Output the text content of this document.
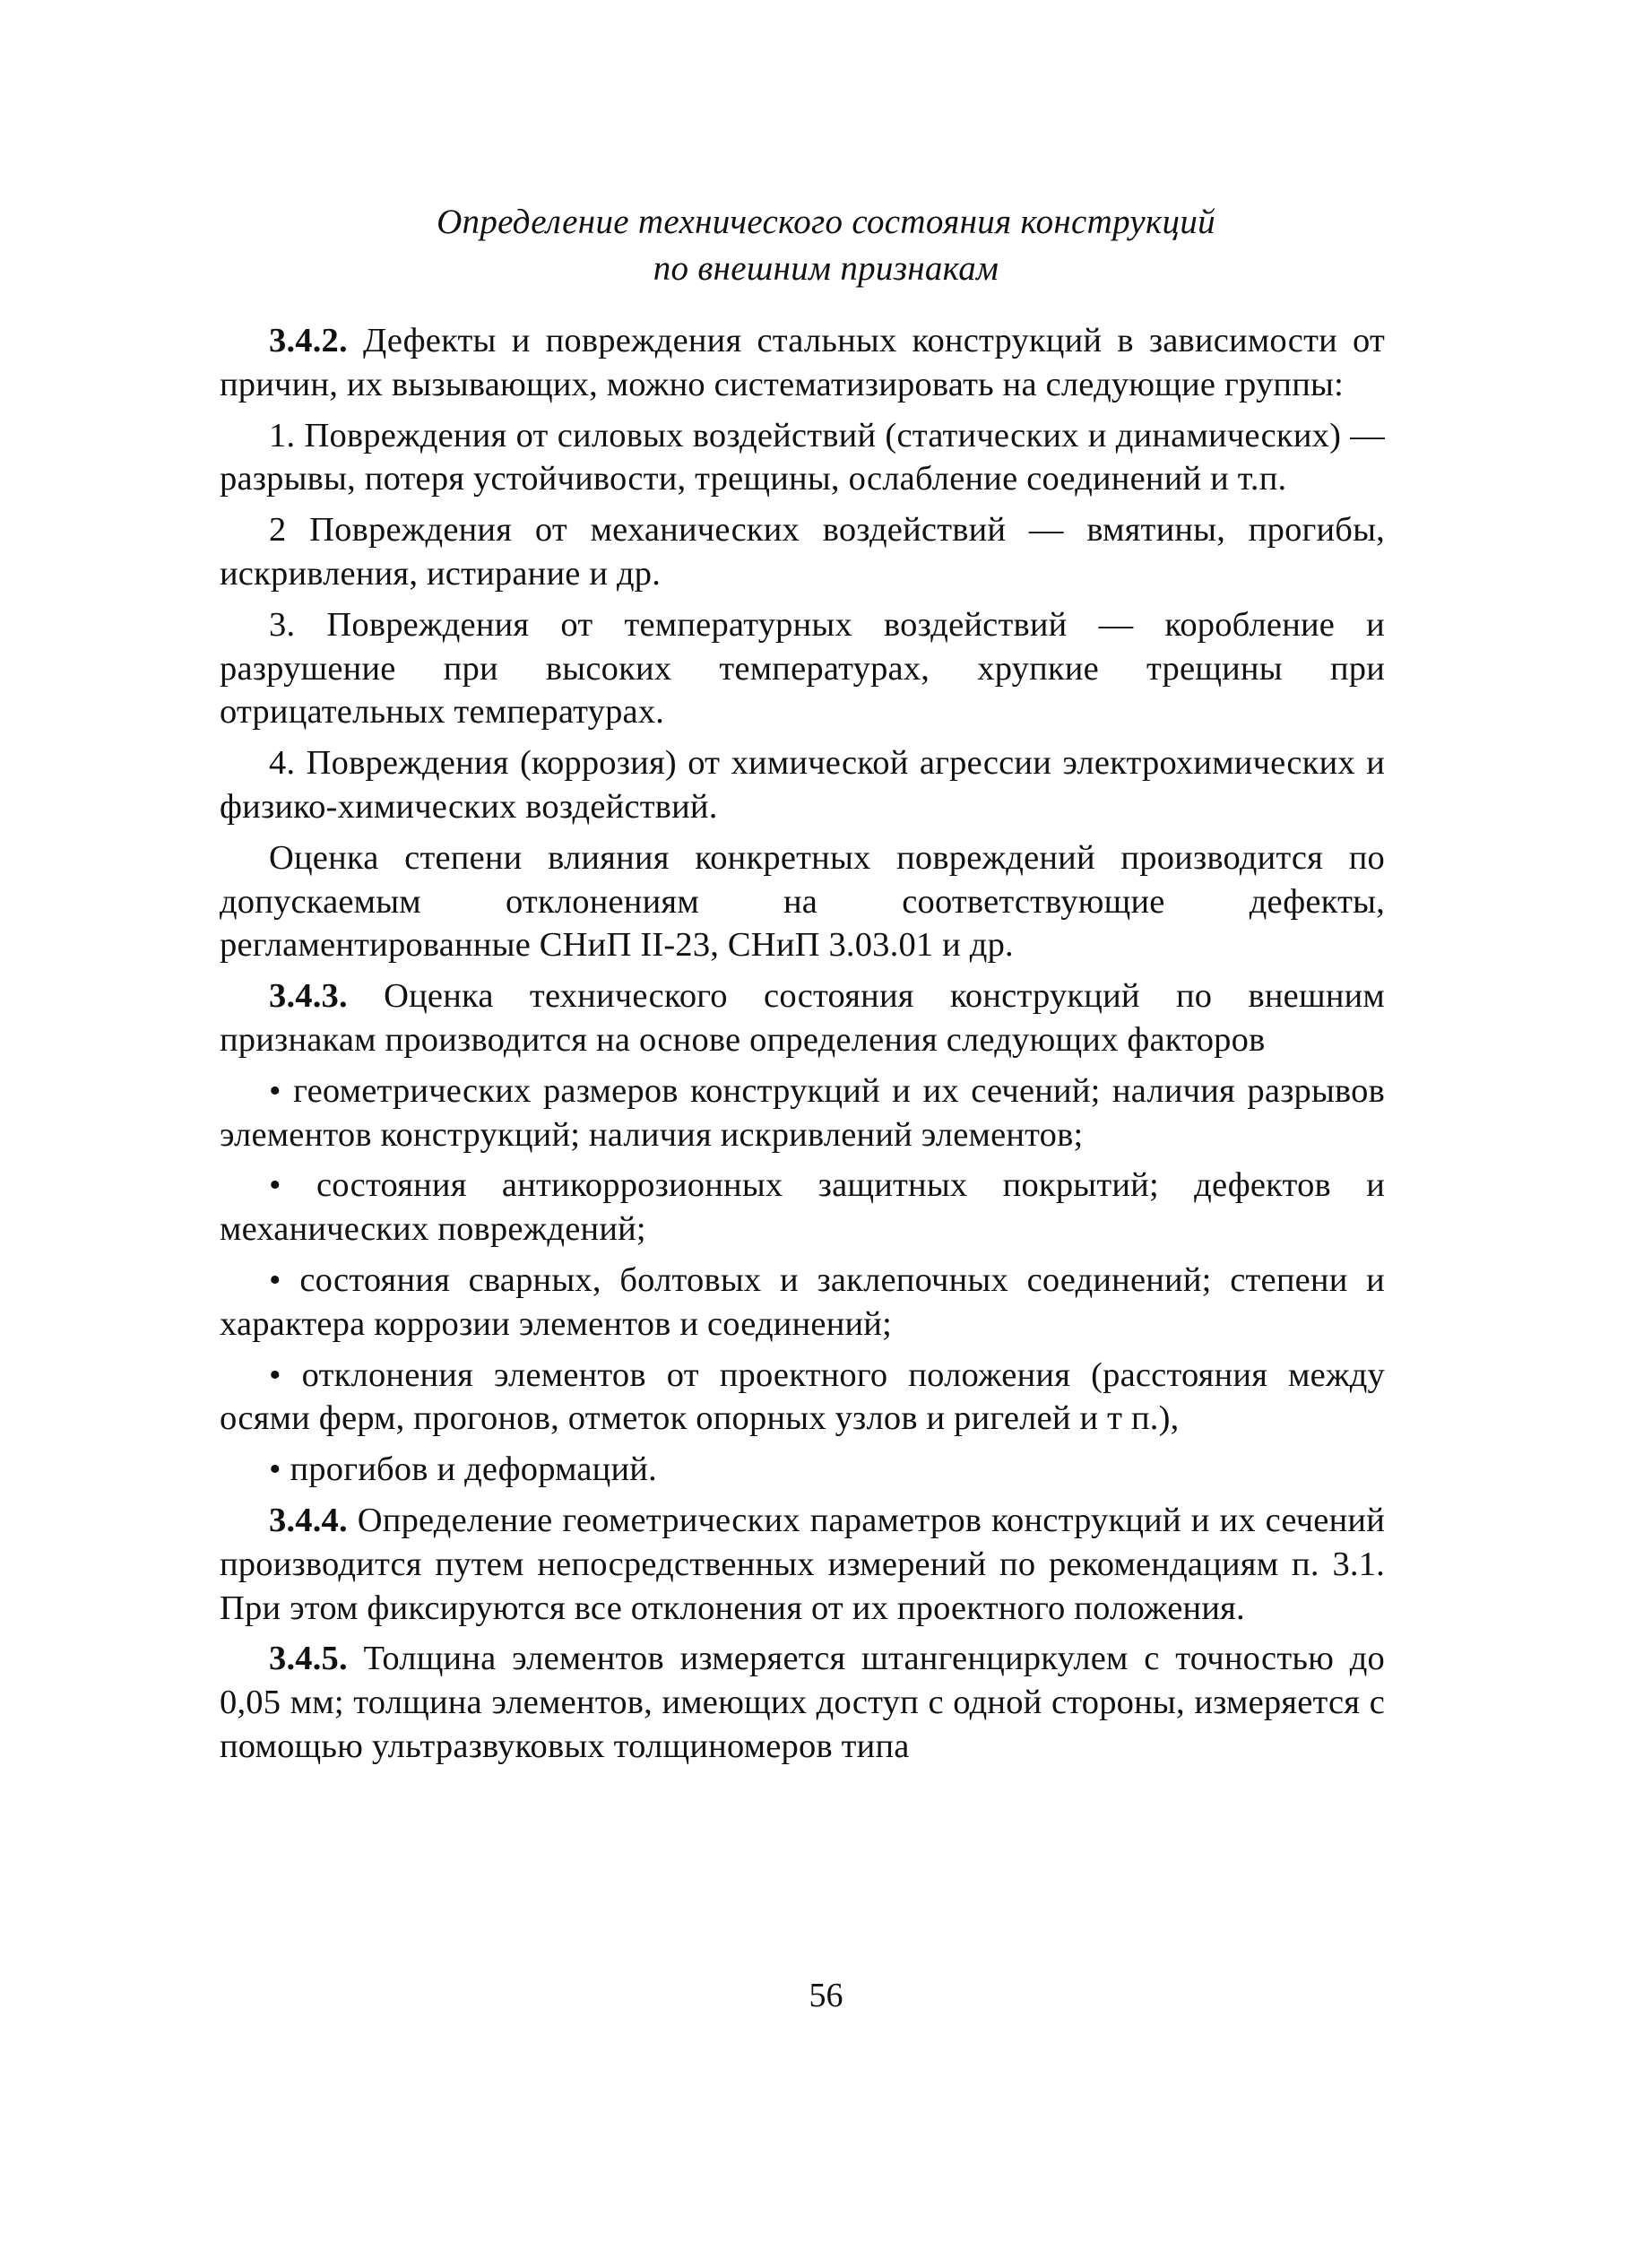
Определение технического состояния конструкций
по внешним признакам

3.4.2. Дефекты и повреждения стальных конструкций в зависимости от причин, их вызывающих, можно систематизировать на следующие группы:

1. Повреждения от силовых воздействий (статических и динамических) — разрывы, потеря устойчивости, трещины, ослабление соединений и т.п.

2 Повреждения от механических воздействий — вмятины, прогибы, искривления, истирание и др.

3. Повреждения от температурных воздействий — коробление и разрушение при высоких температурах, хрупкие трещины при отрицательных температурах.

4. Повреждения (коррозия) от химической агрессии электрохимических и физико-химических воздействий.

Оценка степени влияния конкретных повреждений производится по допускаемым отклонениям на соответствующие дефекты, регламентированные СНиП II-23, СНиП 3.03.01 и др.

3.4.3. Оценка технического состояния конструкций по внешним признакам производится на основе определения следующих факторов

• геометрических размеров конструкций и их сечений; наличия разрывов элементов конструкций; наличия искривлений элементов;

• состояния антикоррозионных защитных покрытий; дефектов и механических повреждений;

• состояния сварных, болтовых и заклепочных соединений; степени и характера коррозии элементов и соединений;

• отклонения элементов от проектного положения (расстояния между осями ферм, прогонов, отметок опорных узлов и ригелей и т п.),

• прогибов и деформаций.

3.4.4. Определение геометрических параметров конструкций и их сечений производится путем непосредственных измерений по рекомендациям п. 3.1. При этом фиксируются все отклонения от их проектного положения.

3.4.5. Толщина элементов измеряется штангенциркулем с точностью до 0,05 мм; толщина элементов, имеющих доступ с одной стороны, измеряется с помощью ультразвуковых толщиномеров типа

56
